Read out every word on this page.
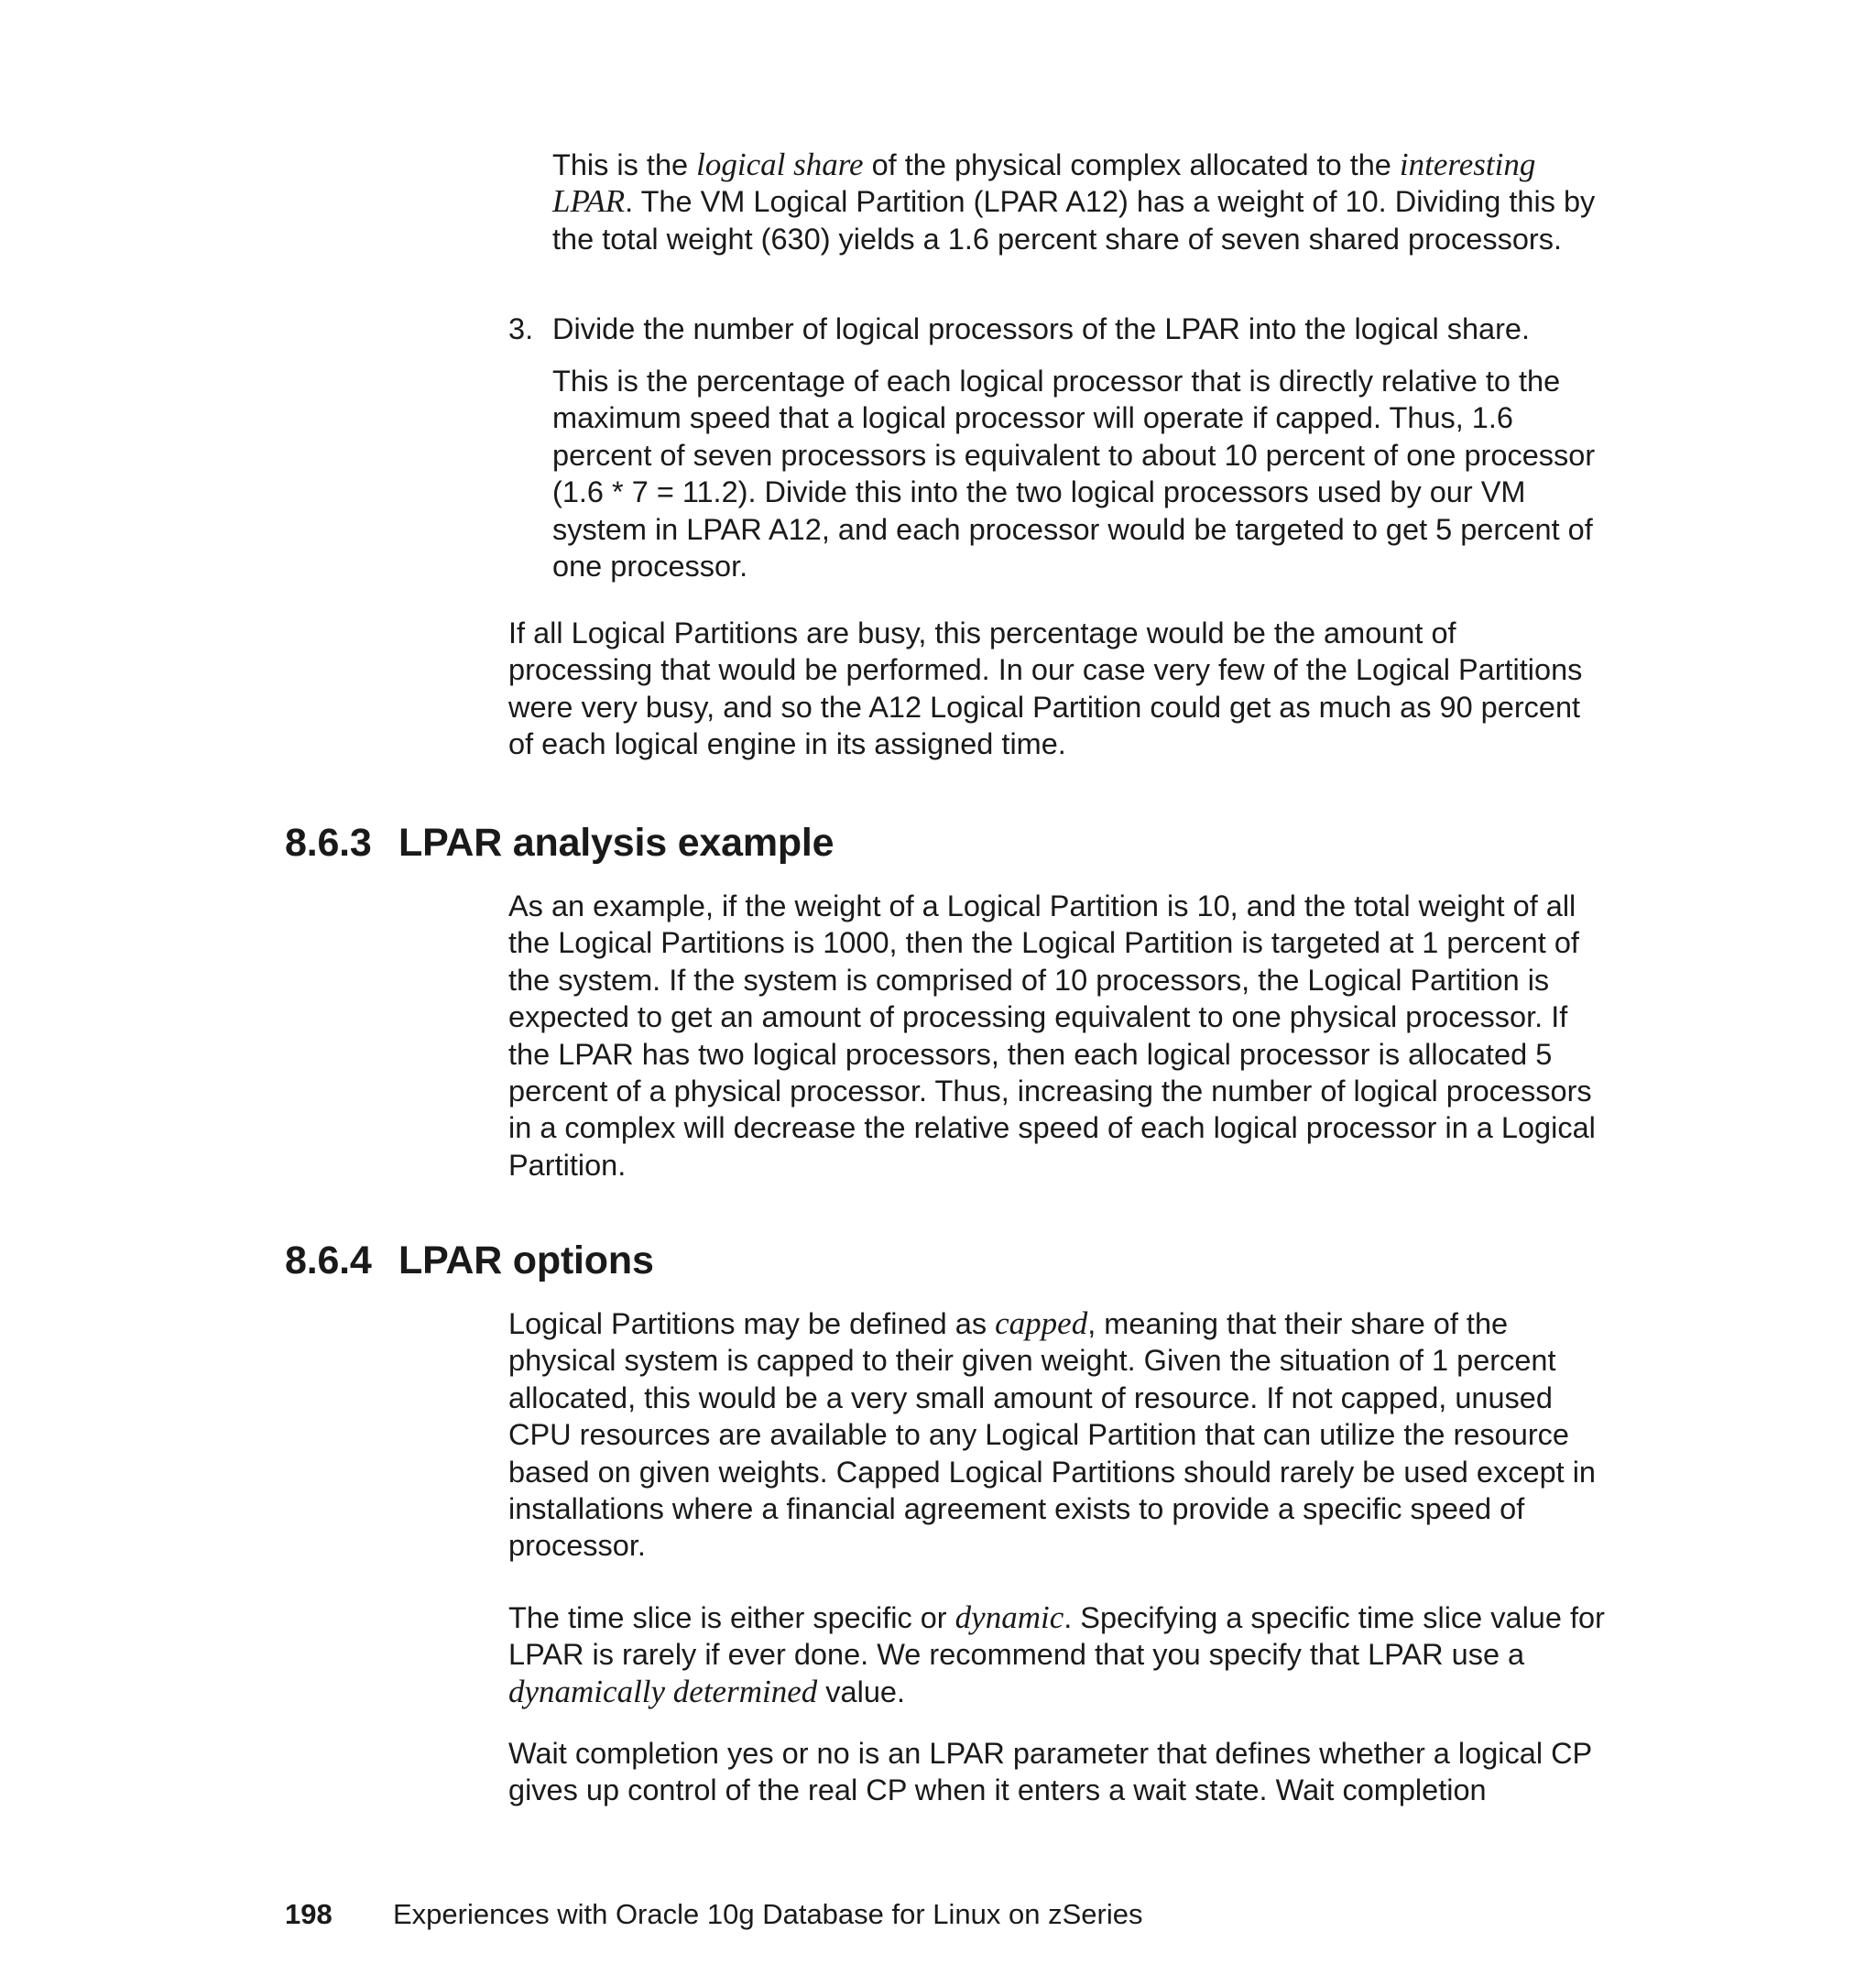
This is the logical share of the physical complex allocated to the interesting LPAR. The VM Logical Partition (LPAR A12) has a weight of 10. Dividing this by the total weight (630) yields a 1.6 percent share of seven shared processors.

3. Divide the number of logical processors of the LPAR into the logical share.

This is the percentage of each logical processor that is directly relative to the maximum speed that a logical processor will operate if capped. Thus, 1.6 percent of seven processors is equivalent to about 10 percent of one processor (1.6 * 7 = 11.2). Divide this into the two logical processors used by our VM system in LPAR A12, and each processor would be targeted to get 5 percent of one processor.

If all Logical Partitions are busy, this percentage would be the amount of processing that would be performed. In our case very few of the Logical Partitions were very busy, and so the A12 Logical Partition could get as much as 90 percent of each logical engine in its assigned time.

8.6.3 LPAR analysis example

As an example, if the weight of a Logical Partition is 10, and the total weight of all the Logical Partitions is 1000, then the Logical Partition is targeted at 1 percent of the system. If the system is comprised of 10 processors, the Logical Partition is expected to get an amount of processing equivalent to one physical processor. If the LPAR has two logical processors, then each logical processor is allocated 5 percent of a physical processor. Thus, increasing the number of logical processors in a complex will decrease the relative speed of each logical processor in a Logical Partition.

8.6.4 LPAR options

Logical Partitions may be defined as capped, meaning that their share of the physical system is capped to their given weight. Given the situation of 1 percent allocated, this would be a very small amount of resource. If not capped, unused CPU resources are available to any Logical Partition that can utilize the resource based on given weights. Capped Logical Partitions should rarely be used except in installations where a financial agreement exists to provide a specific speed of processor.

The time slice is either specific or dynamic. Specifying a specific time slice value for LPAR is rarely if ever done. We recommend that you specify that LPAR use a dynamically determined value.

Wait completion yes or no is an LPAR parameter that defines whether a logical CP gives up control of the real CP when it enters a wait state. Wait completion

198 Experiences with Oracle 10g Database for Linux on zSeries
